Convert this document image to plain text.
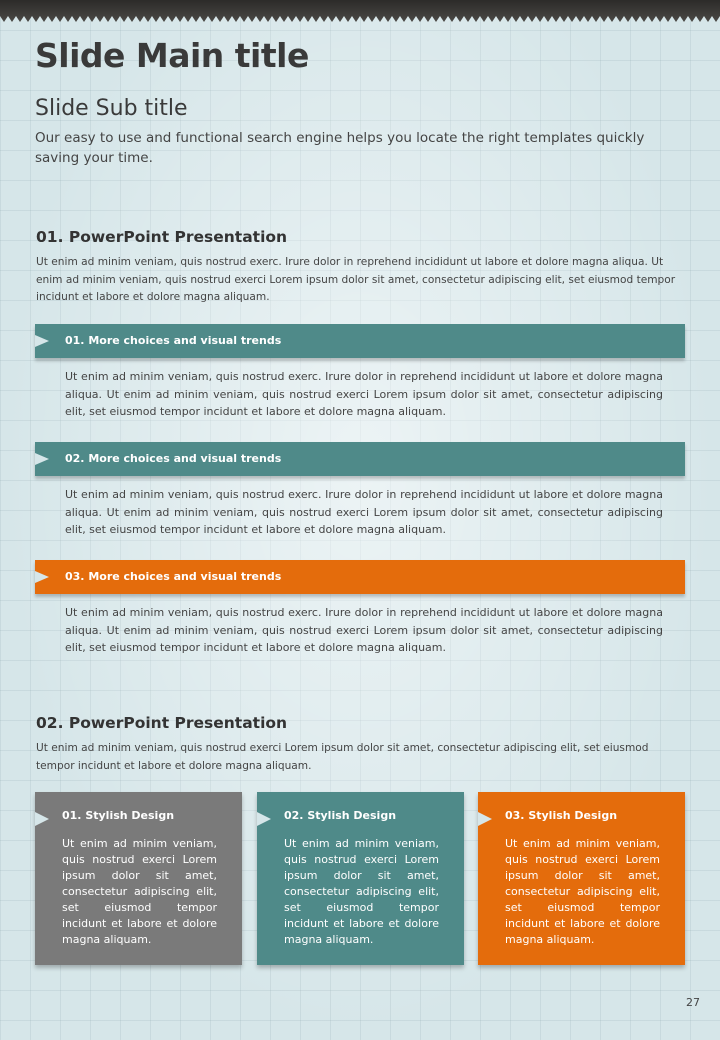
Slide Main title
Slide Sub title
Our easy to use and functional search engine helps you locate the right templates quickly saving your time.
01. PowerPoint Presentation
Ut enim ad minim veniam, quis nostrud exerc. Irure dolor in reprehend incididunt ut labore et dolore magna aliqua. Ut enim ad minim veniam, quis nostrud exerci Lorem ipsum dolor sit amet, consectetur adipiscing elit, set eiusmod tempor incidunt et labore et dolore magna aliquam.
01. More choices and visual trends
Ut enim ad minim veniam, quis nostrud exerc. Irure dolor in reprehend incididunt ut labore et dolore magna aliqua. Ut enim ad minim veniam, quis nostrud exerci Lorem ipsum dolor sit amet, consectetur adipiscing elit, set eiusmod tempor incidunt et labore et dolore magna aliquam.
02. More choices and visual trends
Ut enim ad minim veniam, quis nostrud exerc. Irure dolor in reprehend incididunt ut labore et dolore magna aliqua. Ut enim ad minim veniam, quis nostrud exerci Lorem ipsum dolor sit amet, consectetur adipiscing elit, set eiusmod tempor incidunt et labore et dolore magna aliquam.
03. More choices and visual trends
Ut enim ad minim veniam, quis nostrud exerc. Irure dolor in reprehend incididunt ut labore et dolore magna aliqua. Ut enim ad minim veniam, quis nostrud exerci Lorem ipsum dolor sit amet, consectetur adipiscing elit, set eiusmod tempor incidunt et labore et dolore magna aliquam.
02. PowerPoint Presentation
Ut enim ad minim veniam, quis nostrud exerci Lorem ipsum dolor sit amet, consectetur adipiscing elit, set eiusmod tempor incidunt et labore et dolore magna aliquam.
01. Stylish Design
Ut enim ad minim veniam, quis nostrud exerci Lorem ipsum dolor sit amet, consectetur adipiscing elit, set eiusmod tempor incidunt et labore et dolore magna aliquam.
02. Stylish Design
Ut enim ad minim veniam, quis nostrud exerci Lorem ipsum dolor sit amet, consectetur adipiscing elit, set eiusmod tempor incidunt et labore et dolore magna aliquam.
03. Stylish Design
Ut enim ad minim veniam, quis nostrud exerci Lorem ipsum dolor sit amet, consectetur adipiscing elit, set eiusmod tempor incidunt et labore et dolore magna aliquam.
27
